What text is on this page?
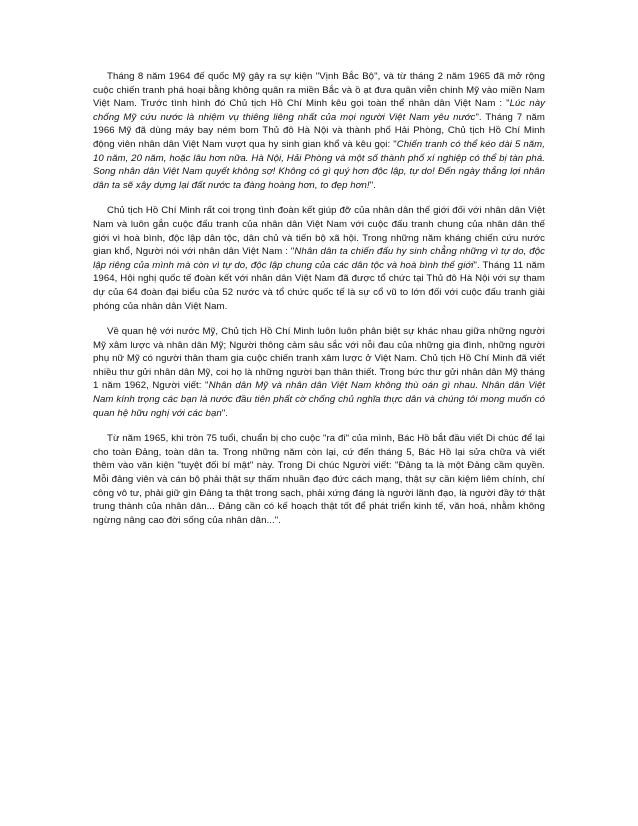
Tháng 8 năm 1964 đế quốc Mỹ gây ra sự kiện "Vịnh Bắc Bộ", và từ tháng 2 năm 1965 đã mở rộng cuộc chiến tranh phá hoại bằng không quân ra miền Bắc và ồ ạt đưa quân viễn chinh Mỹ vào miền Nam Việt Nam. Trước tình hình đó Chủ tịch Hồ Chí Minh kêu gọi toàn thể nhân dân Việt Nam : "Lúc này chống Mỹ cứu nước là nhiệm vụ thiêng liêng nhất của mọi người Việt Nam yêu nước". Tháng 7 năm 1966 Mỹ đã dùng máy bay ném bom Thủ đô Hà Nội và thành phố Hải Phòng, Chủ tịch Hồ Chí Minh động viên nhân dân Việt Nam vượt qua hy sinh gian khổ và kêu gọi: "Chiến tranh có thể kéo dài 5 năm, 10 năm, 20 năm, hoặc lâu hơn nữa. Hà Nội, Hải Phòng và một số thành phố xí nghiệp có thể bị tàn phá. Song nhân dân Việt Nam quyết không sợ! Không có gì quý hơn độc lập, tự do! Đến ngày thắng lợi nhân dân ta sẽ xây dựng lại đất nước ta đàng hoàng hơn, to đẹp hơn!".

Chủ tịch Hồ Chí Minh rất coi trọng tình đoàn kết giúp đỡ của nhân dân thế giới đối với nhân dân Việt Nam và luôn gắn cuộc đấu tranh của nhân dân Việt Nam với cuộc đấu tranh chung của nhân dân thế giới vì hoà bình, độc lập dân tộc, dân chủ và tiến bộ xã hội. Trong những năm kháng chiến cứu nước gian khổ, Người nói với nhân dân Việt Nam : "Nhân dân ta chiến đấu hy sinh chẳng những vì tự do, độc lập riêng của mình mà còn vì tự do, độc lập chung của các dân tộc và hoà bình thế giới". Tháng 11 năm 1964, Hội nghị quốc tế đoàn kết với nhân dân Việt Nam đã được tổ chức tại Thủ đô Hà Nội với sự tham dự của 64 đoàn đại biểu của 52 nước và tổ chức quốc tế là sự cổ vũ to lớn đối với cuộc đấu tranh giải phóng của nhân dân Việt Nam.

Về quan hệ với nước Mỹ, Chủ tịch Hồ Chí Minh luôn luôn phân biệt sự khác nhau giữa những người Mỹ xâm lược và nhân dân Mỹ; Người thông cảm sâu sắc với nỗi đau của những gia đình, những người phụ nữ Mỹ có người thân tham gia cuộc chiến tranh xâm lược ở Việt Nam. Chủ tịch Hồ Chí Minh đã viết nhiều thư gửi nhân dân Mỹ, coi họ là những người bạn thân thiết. Trong bức thư gửi nhân dân Mỹ tháng 1 năm 1962, Người viết: "Nhân dân Mỹ và nhân dân Việt Nam không thù oán gì nhau. Nhân dân Việt Nam kính trọng các bạn là nước đầu tiên phất cờ chống chủ nghĩa thực dân và chúng tôi mong muốn có quan hệ hữu nghị với các bạn".

Từ năm 1965, khi tròn 75 tuổi, chuẩn bị cho cuộc "ra đi" của mình, Bác Hồ bắt đầu viết Di chúc để lại cho toàn Đảng, toàn dân ta. Trong những năm còn lại, cứ đến tháng 5, Bác Hồ lại sửa chữa và viết thêm vào văn kiện "tuyệt đối bí mật" này. Trong Di chúc Người viết: "Đảng ta là một Đảng cầm quyền. Mỗi đảng viên và cán bộ phải thật sự thấm nhuần đạo đức cách mạng, thật sự cần kiệm liêm chính, chí công vô tư, phải giữ gìn Đảng ta thật trong sạch, phải xứng đáng là người lãnh đạo, là người đầy tớ thật trung thành của nhân dân... Đảng cần có kế hoạch thật tốt để phát triển kinh tế, văn hoá, nhằm không ngừng nâng cao đời sống của nhân dân...".
